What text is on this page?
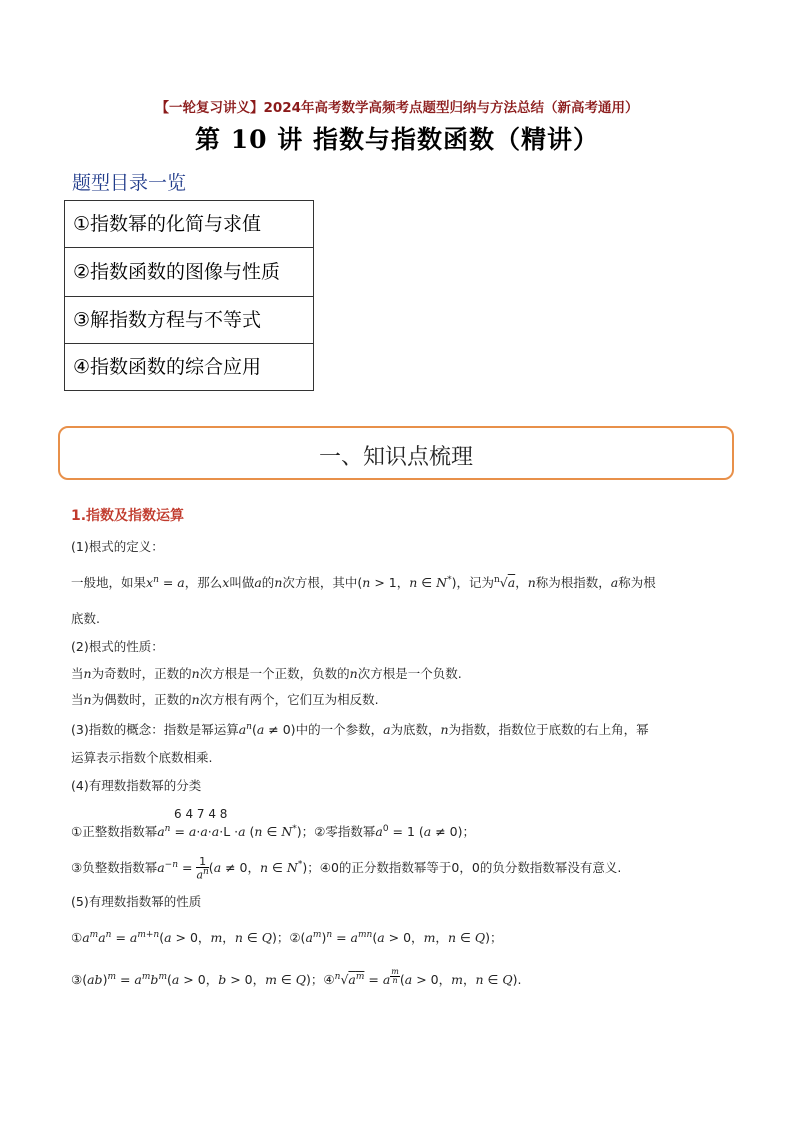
【一轮复习讲义】2024年高考数学高频考点题型归纳与方法总结（新高考通用）
第 10 讲 指数与指数函数（精讲）
题型目录一览
①指数幂的化简与求值
②指数函数的图像与性质
③解指数方程与不等式
④指数函数的综合应用
一、知识点梳理
1.指数及指数运算
(1)根式的定义：
一般地，如果$x^n = a$，那么x叫做a的n次方根，其中(n > 1，n ∈ N*)，记为$^n$√a，n称为根指数，a称为根
底数.
(2)根式的性质：
当n为奇数时，正数的n次方根是一个正数，负数的n次方根是一个负数.
当n为偶数时，正数的n次方根有两个，它们互为相反数.
(3)指数的概念：指数是幂运算$a^n(a \ne 0)$中的一个参数，a为底数，n为指数，指数位于底数的右上角，幂
运算表示指数个底数相乘.
(4)有理数指数幂的分类
6 4 7 4 8
①正整数指数幂$a^n = a\cdot a\cdot a\cdot L \cdot a$ (n ∈ N*)；②零指数幂$a^0 = 1$ (a ≠ 0)；
③负整数指数幂$a^{-n} = \frac{1}{a^n} (a \ne 0$，n ∈ N*)；④0的正分数指数幂等于0，0的负分数指数幂没有意义.
(5)有理数指数幂的性质
$①a^ma^n = a^{m+n}(a > 0$，m，n ∈ Q)；$②(a^m)^n = a^{mn}(a > 0$，m，n ∈ Q)；
③(ab)$^m$ = $a^mb^m(a > 0$，b > 0，m ∈ Q)；$④^n√a^m = a$ $^{\frac{m}{n}}$ (a > 0，m，n ∈ Q).
